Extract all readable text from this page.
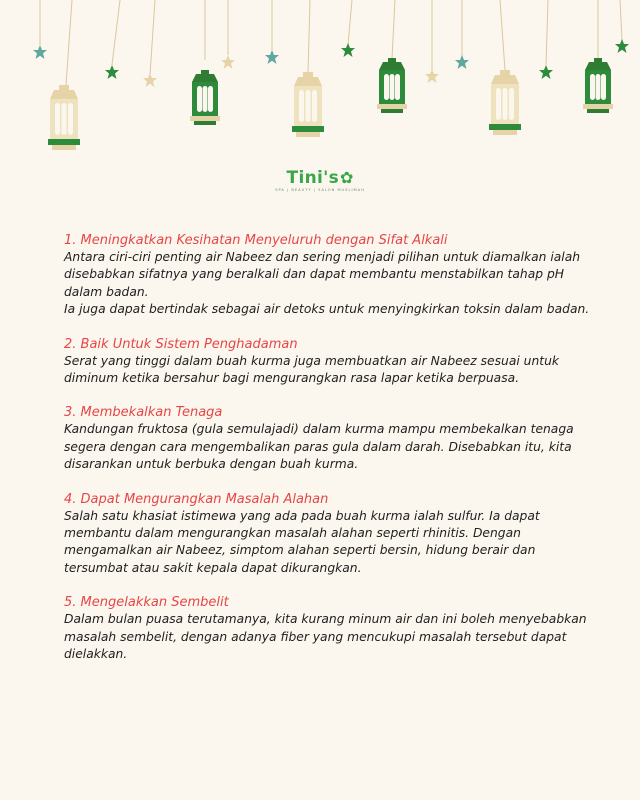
Tini's✿
SPA | BEAUTY | SALON MUSLIMAH
1. Meningkatkan Kesihatan Menyeluruh dengan Sifat Alkali
Antara ciri-ciri penting air Nabeez dan sering menjadi pilihan untuk diamalkan ialah disebabkan sifatnya yang beralkali dan dapat membantu menstabilkan tahap pH dalam badan.
Ia juga dapat bertindak sebagai air detoks untuk menyingkirkan toksin dalam badan.
2. Baik Untuk Sistem Penghadaman
Serat yang tinggi dalam buah kurma juga membuatkan air Nabeez sesuai untuk diminum ketika bersahur bagi mengurangkan rasa lapar ketika berpuasa.
3. Membekalkan Tenaga
Kandungan fruktosa (gula semulajadi) dalam kurma mampu membekalkan tenaga segera dengan cara mengembalikan paras gula dalam darah. Disebabkan itu, kita disarankan untuk berbuka dengan buah kurma.
4. Dapat Mengurangkan Masalah Alahan
Salah satu khasiat istimewa yang ada pada buah kurma ialah sulfur. Ia dapat membantu dalam mengurangkan masalah alahan seperti rhinitis. Dengan mengamalkan air Nabeez, simptom alahan seperti bersin, hidung berair dan tersumbat atau sakit kepala dapat dikurangkan.
5. Mengelakkan Sembelit
Dalam bulan puasa terutamanya, kita kurang minum air dan ini boleh menyebabkan masalah sembelit, dengan adanya fiber yang mencukupi masalah tersebut dapat dielakkan.
